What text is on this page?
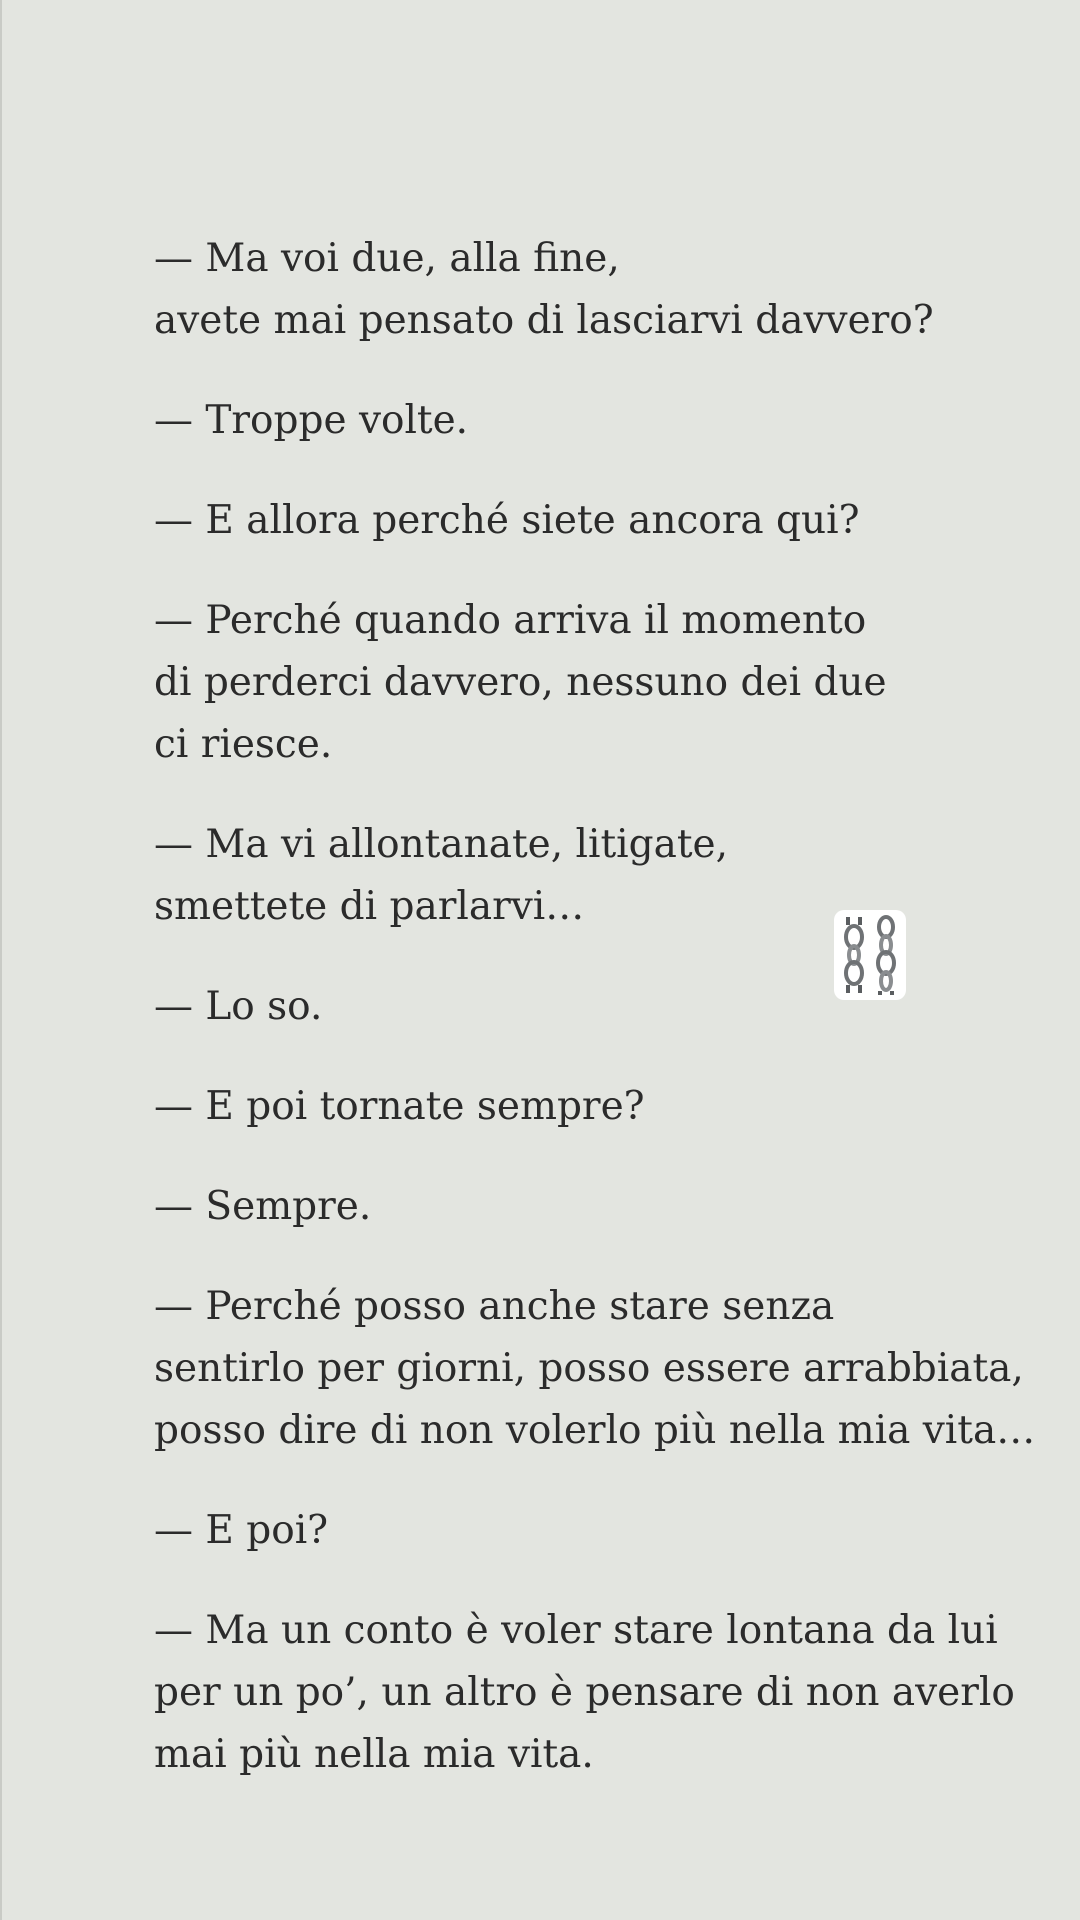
— Ma voi due, alla fine,
avete mai pensato di lasciarvi davvero?

— Troppe volte.

— E allora perché siete ancora qui?

— Perché quando arriva il momento
di perderci davvero, nessuno dei due
ci riesce.

— Ma vi allontanate, litigate,
smettete di parlarvi…

— Lo so.

— E poi tornate sempre?

— Sempre.

— Perché posso anche stare senza
sentirlo per giorni, posso essere arrabbiata,
posso dire di non volerlo più nella mia vita…

— E poi?

— Ma un conto è voler stare lontana da lui
per un po’, un altro è pensare di non averlo
mai più nella mia vita.
